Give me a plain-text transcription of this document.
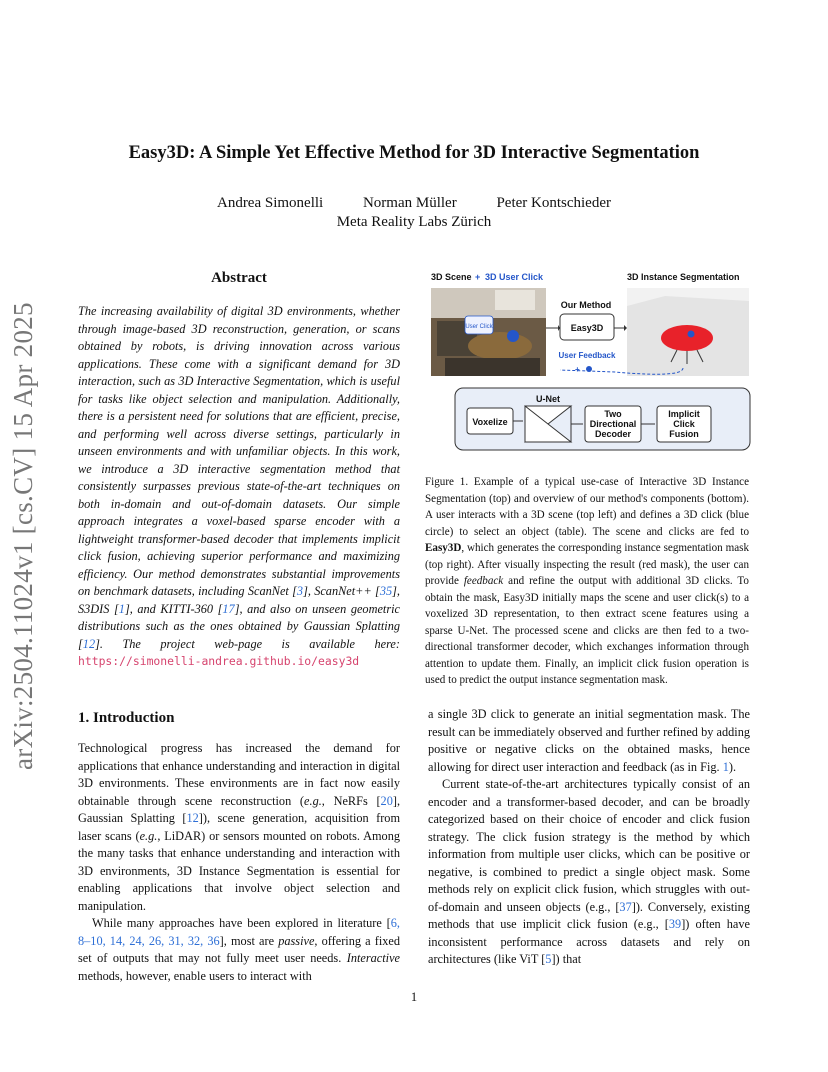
Easy3D: A Simple Yet Effective Method for 3D Interactive Segmentation
Andrea Simonelli	Norman Müller	Peter Kontschieder
Meta Reality Labs Zürich
arXiv:2504.11024v1 [cs.CV] 15 Apr 2025
Abstract
The increasing availability of digital 3D environments, whether through image-based 3D reconstruction, generation, or scans obtained by robots, is driving innovation across various applications. These come with a significant demand for 3D interaction, such as 3D Interactive Segmentation, which is useful for tasks like object selection and manipulation. Additionally, there is a persistent need for solutions that are efficient, precise, and performing well across diverse settings, particularly in unseen environments and with unfamiliar objects. In this work, we introduce a 3D interactive segmentation method that consistently surpasses previous state-of-the-art techniques on both in-domain and out-of-domain datasets. Our simple approach integrates a voxel-based sparse encoder with a lightweight transformer-based decoder that implements implicit click fusion, achieving superior performance and maximizing efficiency. Our method demonstrates substantial improvements on benchmark datasets, including ScanNet [3], ScanNet++ [35], S3DIS [1], and KITTI-360 [17], and also on unseen geometric distributions such as the ones obtained by Gaussian Splatting [12]. The project web-page is available here: https://simonelli-andrea.github.io/easy3d
3D Scene + 3D User Click	3D Instance Segmentation
User Click
Our Method
Easy3D
User Feedback
+
Voxelize
U-Net
Two
Directional
Decoder
Implicit
Click
Fusion
Figure 1. Example of a typical use-case of Interactive 3D Instance Segmentation (top) and overview of our method's components (bottom). A user interacts with a 3D scene (top left) and defines a 3D click (blue circle) to select an object (table). The scene and clicks are fed to Easy3D, which generates the corresponding instance segmentation mask (top right). After visually inspecting the result (red mask), the user can provide feedback and refine the output with additional 3D clicks. To obtain the mask, Easy3D initially maps the scene and user click(s) to a voxelized 3D representation, to then extract scene features using a sparse U-Net. The processed scene and clicks are then fed to a two-directional transformer decoder, which exchanges information through attention to update them. Finally, an implicit click fusion operation is used to predict the output instance segmentation mask.
1. Introduction

Technological progress has increased the demand for applications that enhance understanding and interaction in digital 3D environments. These environments are in fact now easily obtainable through scene reconstruction (e.g., NeRFs [20], Gaussian Splatting [12]), scene generation, acquisition from laser scans (e.g., LiDAR) or sensors mounted on robots. Among the many tasks that enhance understanding and interaction with 3D environments, 3D Instance Segmentation is essential for enabling applications that involve object selection and manipulation.

While many approaches have been explored in literature [6, 8–10, 14, 24, 26, 31, 32, 36], most are passive, offering a fixed set of outputs that may not fully meet user needs. Interactive methods, however, enable users to interact with

a single 3D click to generate an initial segmentation mask. The result can be immediately observed and further refined by adding positive or negative clicks on the obtained masks, hence allowing for direct user interaction and feedback (as in Fig. 1).

Current state-of-the-art architectures typically consist of an encoder and a transformer-based decoder, and can be broadly categorized based on their choice of encoder and click fusion strategy. The click fusion strategy is the method by which information from multiple user clicks, which can be positive or negative, is combined to predict a single object mask. Some methods rely on explicit click fusion, which struggles with out-of-domain and unseen objects (e.g., [37]). Conversely, existing methods that use implicit click fusion (e.g., [39]) often have inconsistent performance across datasets and rely on architectures (like ViT [5]) that

1
